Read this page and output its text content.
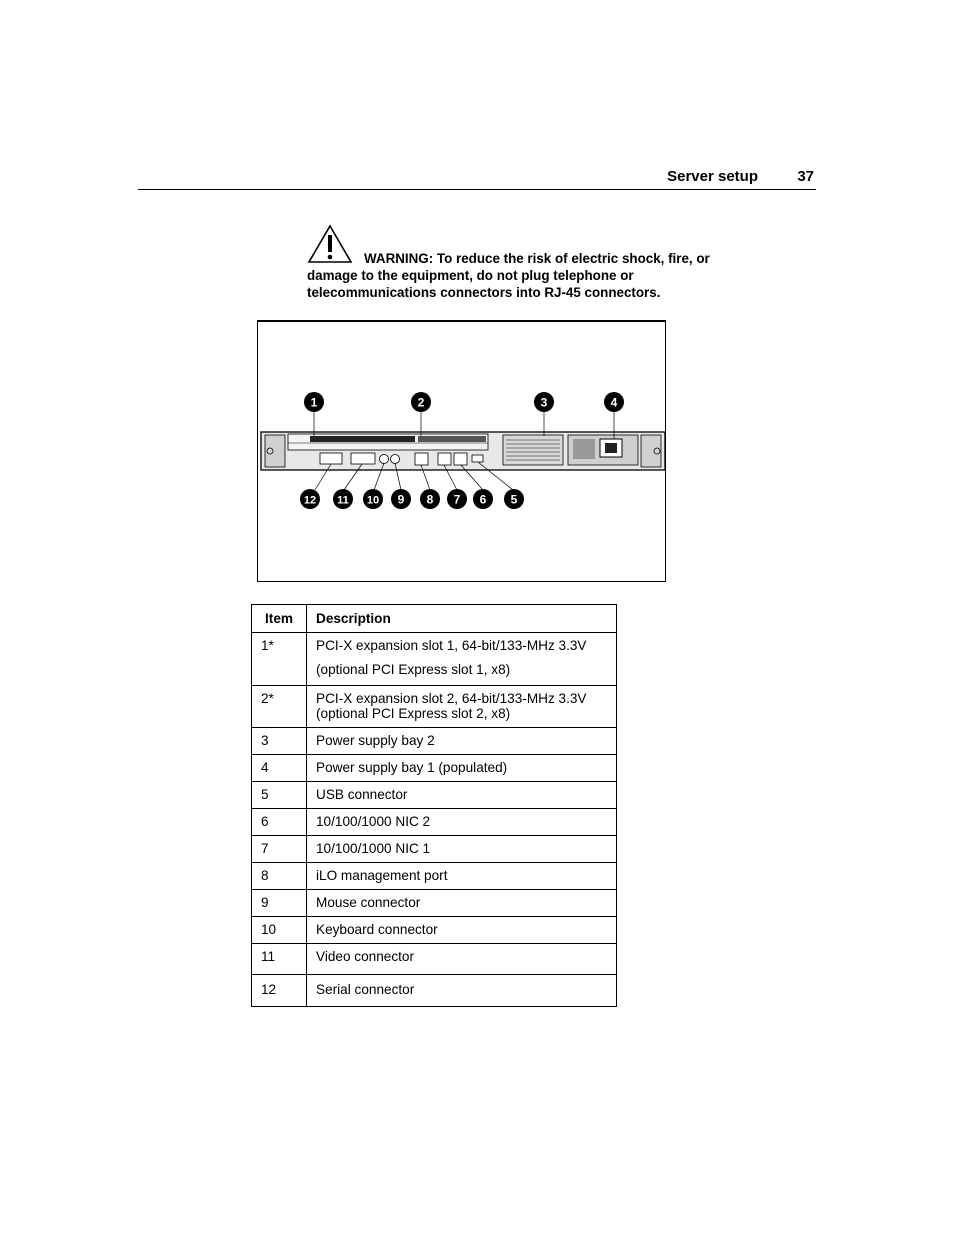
Server setup	37
WARNING: To reduce the risk of electric shock, fire, or
damage to the equipment, do not plug telephone or
telecommunications connectors into RJ-45 connectors.
1	2	3	4
12 11 10 9 8 7 6 5
Item	Description
1*	PCI-X expansion slot 1, 64-bit/133-MHz 3.3V
(optional PCI Express slot 1, x8)

2*	PCI-X expansion slot 2, 64-bit/133-MHz 3.3V
(optional PCI Express slot 2, x8)

3	Power supply bay 2
4	Power supply bay 1 (populated)
5	USB connector
6	10/100/1000 NIC 2
7	10/100/1000 NIC 1
8	iLO management port
9	Mouse connector
10	Keyboard connector
11	Video connector
12	Serial connector
